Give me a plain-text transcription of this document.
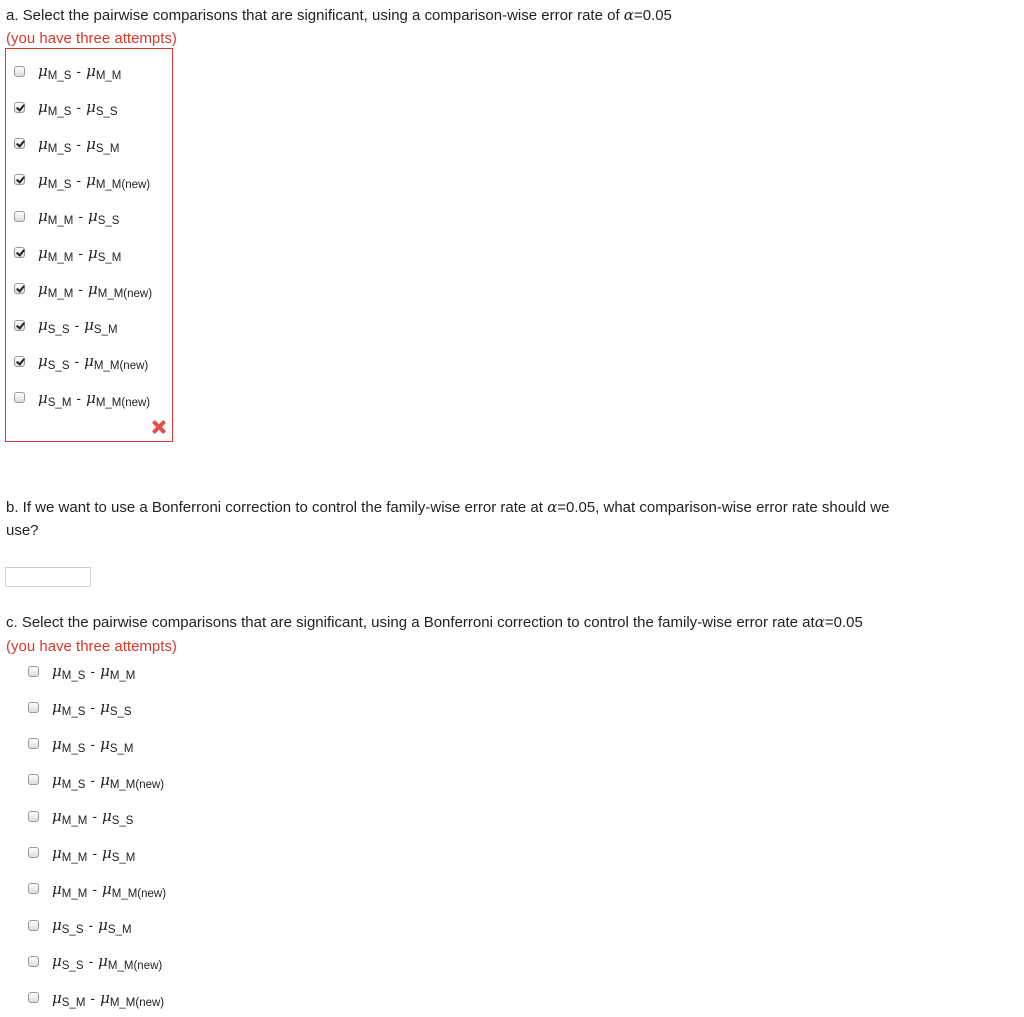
a. Select the pairwise comparisons that are significant, using a comparison-wise error rate of α=0.05
(you have three attempts)
μ M_S - μ M_M
μ M_S - μ S_S
μ M_S - μ S_M
μ M_S - μ M_M(new)
μ M_M - μ S_S
μ M_M - μ S_M
μ M_M - μ M_M(new)
μ S_S - μ S_M
μ S_S - μ M_M(new)
μ S_M - μ M_M(new)
b. If we want to use a Bonferroni correction to control the family-wise error rate at α=0.05, what comparison-wise error rate should we
use?
c. Select the pairwise comparisons that are significant, using a Bonferroni correction to control the family-wise error rate atα=0.05
(you have three attempts)
μ M_S - μ M_M
μ M_S - μ S_S
μ M_S - μ S_M
μ M_S - μ M_M(new)
μ M_M - μ S_S
μ M_M - μ S_M
μ M_M - μ M_M(new)
μ S_S - μ S_M
μ S_S - μ M_M(new)
μ S_M - μ M_M(new)
